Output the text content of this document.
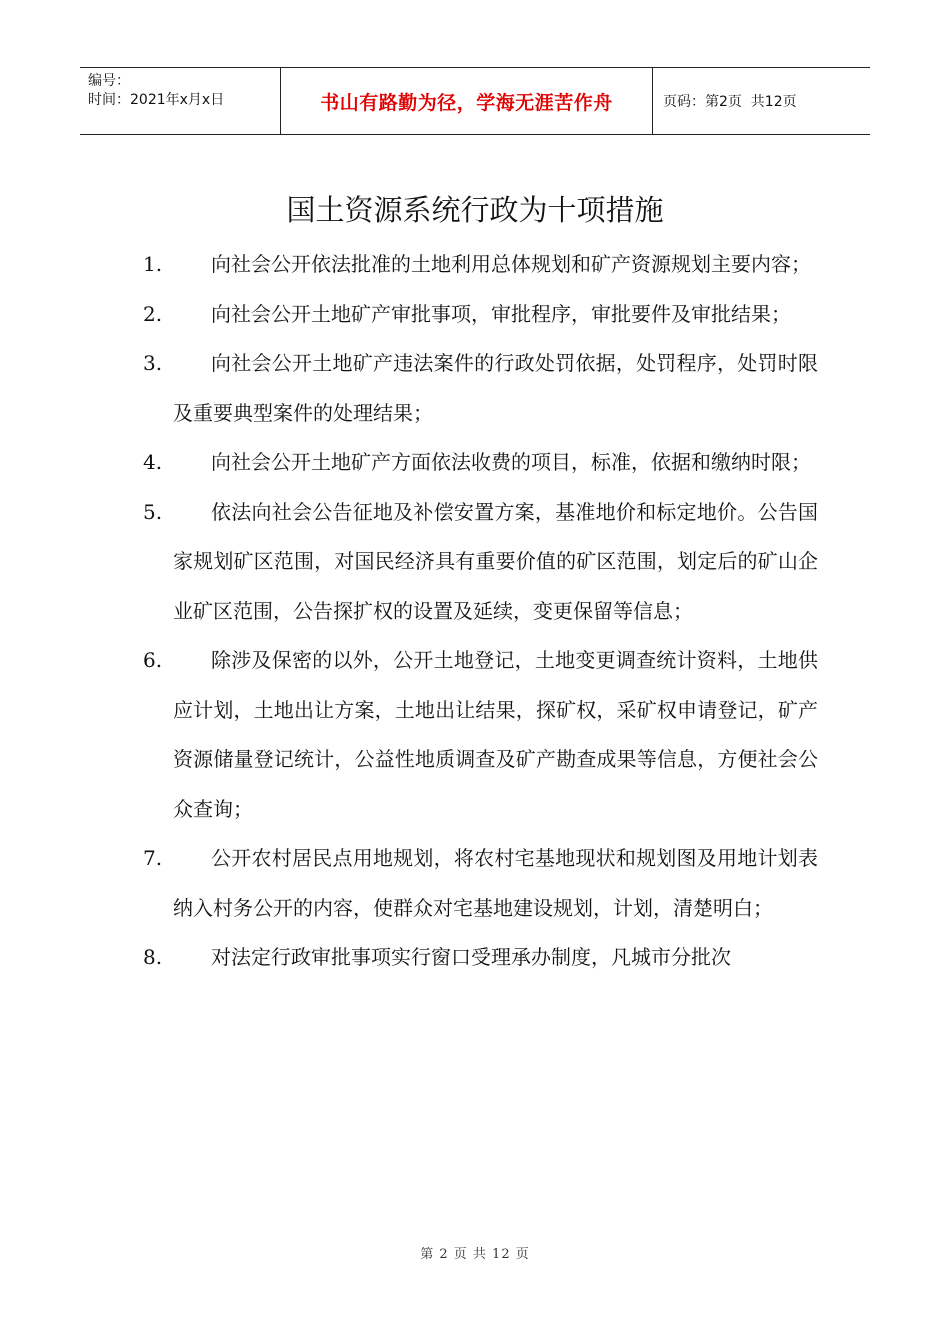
编号：
时间：2021年x月x日	书山有路勤为径，学海无涯苦作舟	页码：第2页  共12页
国土资源系统行政为十项措施
1.	向社会公开依法批准的土地利用总体规划和矿产资源规划主要内容；
2.	向社会公开土地矿产审批事项，审批程序，审批要件及审批结果；
3.	向社会公开土地矿产违法案件的行政处罚依据，处罚程序，处罚时限及重要典型案件的处理结果；
4.	向社会公开土地矿产方面依法收费的项目，标准，依据和缴纳时限；
5.	依法向社会公告征地及补偿安置方案，基准地价和标定地价。公告国家规划矿区范围，对国民经济具有重要价值的矿区范围，划定后的矿山企业矿区范围，公告探扩权的设置及延续，变更保留等信息；
6.	除涉及保密的以外，公开土地登记，土地变更调查统计资料，土地供应计划，土地出让方案，土地出让结果，探矿权，采矿权申请登记，矿产资源储量登记统计，公益性地质调查及矿产勘查成果等信息，方便社会公众查询；
7.	公开农村居民点用地规划，将农村宅基地现状和规划图及用地计划表纳入村务公开的内容，使群众对宅基地建设规划，计划，清楚明白；
8.	对法定行政审批事项实行窗口受理承办制度，凡城市分批次
第 2 页 共 12 页
